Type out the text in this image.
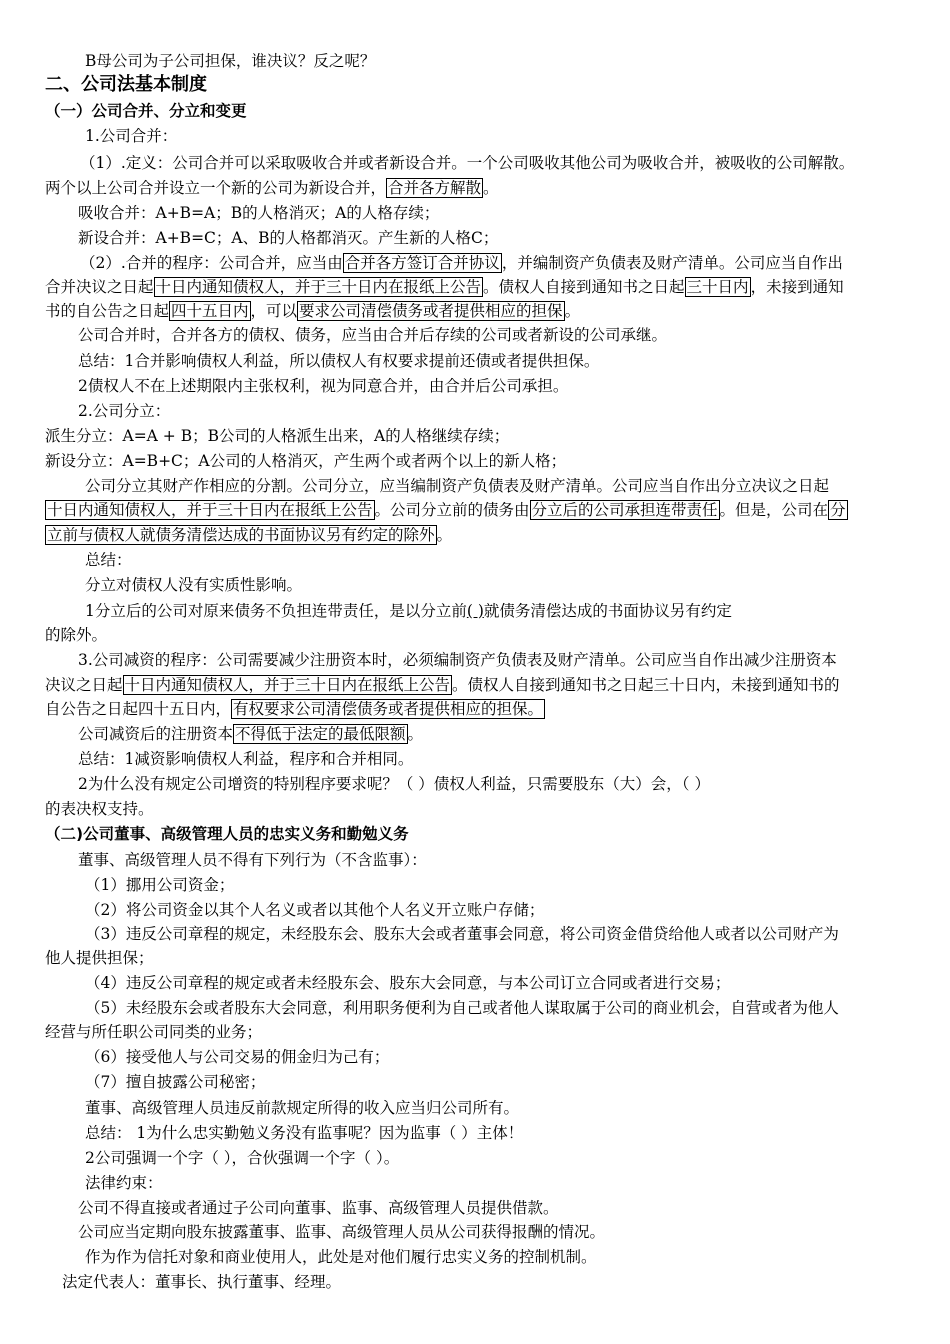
B母公司为子公司担保，谁决议？反之呢？
二、公司法基本制度
（一）公司合并、分立和变更
1.公司合并：
（1）.定义：公司合并可以采取吸收合并或者新设合并。一个公司吸收其他公司为吸收合并，被吸收的公司解散。
两个以上公司合并设立一个新的公司为新设合并， 合并各方解散 。
吸收合并：A+B=A；B的人格消灭；A的人格存续；
新设合并：A+B=C；A、B的人格都消灭。产生新的人格C；
（2）.合并的程序：公司合并，应当由 合并各方签订合并协议 ，并编制资产负债表及财产清单。公司应当自作出
合并决议之日起 十日内通知债权人，并于三十日内在报纸上公告 。债权人自接到通知书之日起 三十日内 ，未接到通知
书的自公告之日起 四十五日内 ，可以 要求公司清偿债务或者提供相应的担保 。
公司合并时，合并各方的债权、债务，应当由合并后存续的公司或者新设的公司承继。
总结：1合并影响债权人利益，所以债权人有权要求提前还债或者提供担保。
2债权人不在上述期限内主张权利，视为同意合并，由合并后公司承担。
2.公司分立：
派生分立：A=A + B；B公司的人格派生出来，A的人格继续存续；
新设分立：A=B+C；A公司的人格消灭，产生两个或者两个以上的新人格；
公司分立其财产作相应的分割。公司分立，应当编制资产负债表及财产清单。公司应当自作出分立决议之日起
十日内通知债权人，并于三十日内在报纸上公告 。公司分立前的债务由 分立后的公司承担连带责任 。但是，公司在 分
立前与债权人就债务清偿达成的书面协议另有约定的除外 。
总结：
分立对债权人没有实质性影响。
1分立后的公司对原来债务不负担连带责任，是以分立前( )就债务清偿达成的书面协议另有约定
的除外。
3.公司减资的程序：公司需要减少注册资本时，必须编制资产负债表及财产清单。公司应当自作出减少注册资本
决议之日起 十日内通知债权人，并于三十日内在报纸上公告 。债权人自接到通知书之日起三十日内，未接到通知书的
自公告之日起四十五日内， 有权要求公司清偿债务或者提供相应的担保。
公司减资后的注册资本 不得低于法定的最低限额 。
总结：1减资影响债权人利益，程序和合并相同。
2为什么没有规定公司增资的特别程序要求呢？（ ）债权人利益，只需要股东（大）会，（ ）
的表决权支持。
（二)公司董事、高级管理人员的忠实义务和勤勉义务
董事、高级管理人员不得有下列行为（不含监事）：
（1）挪用公司资金；
（2）将公司资金以其个人名义或者以其他个人名义开立账户存储；
（3）违反公司章程的规定，未经股东会、股东大会或者董事会同意，将公司资金借贷给他人或者以公司财产为
他人提供担保；
（4）违反公司章程的规定或者未经股东会、股东大会同意，与本公司订立合同或者进行交易；
（5）未经股东会或者股东大会同意，利用职务便利为自己或者他人谋取属于公司的商业机会，自营或者为他人
经营与所任职公司同类的业务；
（6）接受他人与公司交易的佣金归为己有；
（7）擅自披露公司秘密；
董事、高级管理人员违反前款规定所得的收入应当归公司所有。
总结： 1为什么忠实勤勉义务没有监事呢？因为监事（ ）主体！
2公司强调一个字（ ），合伙强调一个字（ ）。
法律约束：
公司不得直接或者通过子公司向董事、监事、高级管理人员提供借款。
公司应当定期向股东披露董事、监事、高级管理人员从公司获得报酬的情况。
作为作为信托对象和商业使用人，此处是对他们履行忠实义务的控制机制。
法定代表人：董事长、执行董事、经理。
